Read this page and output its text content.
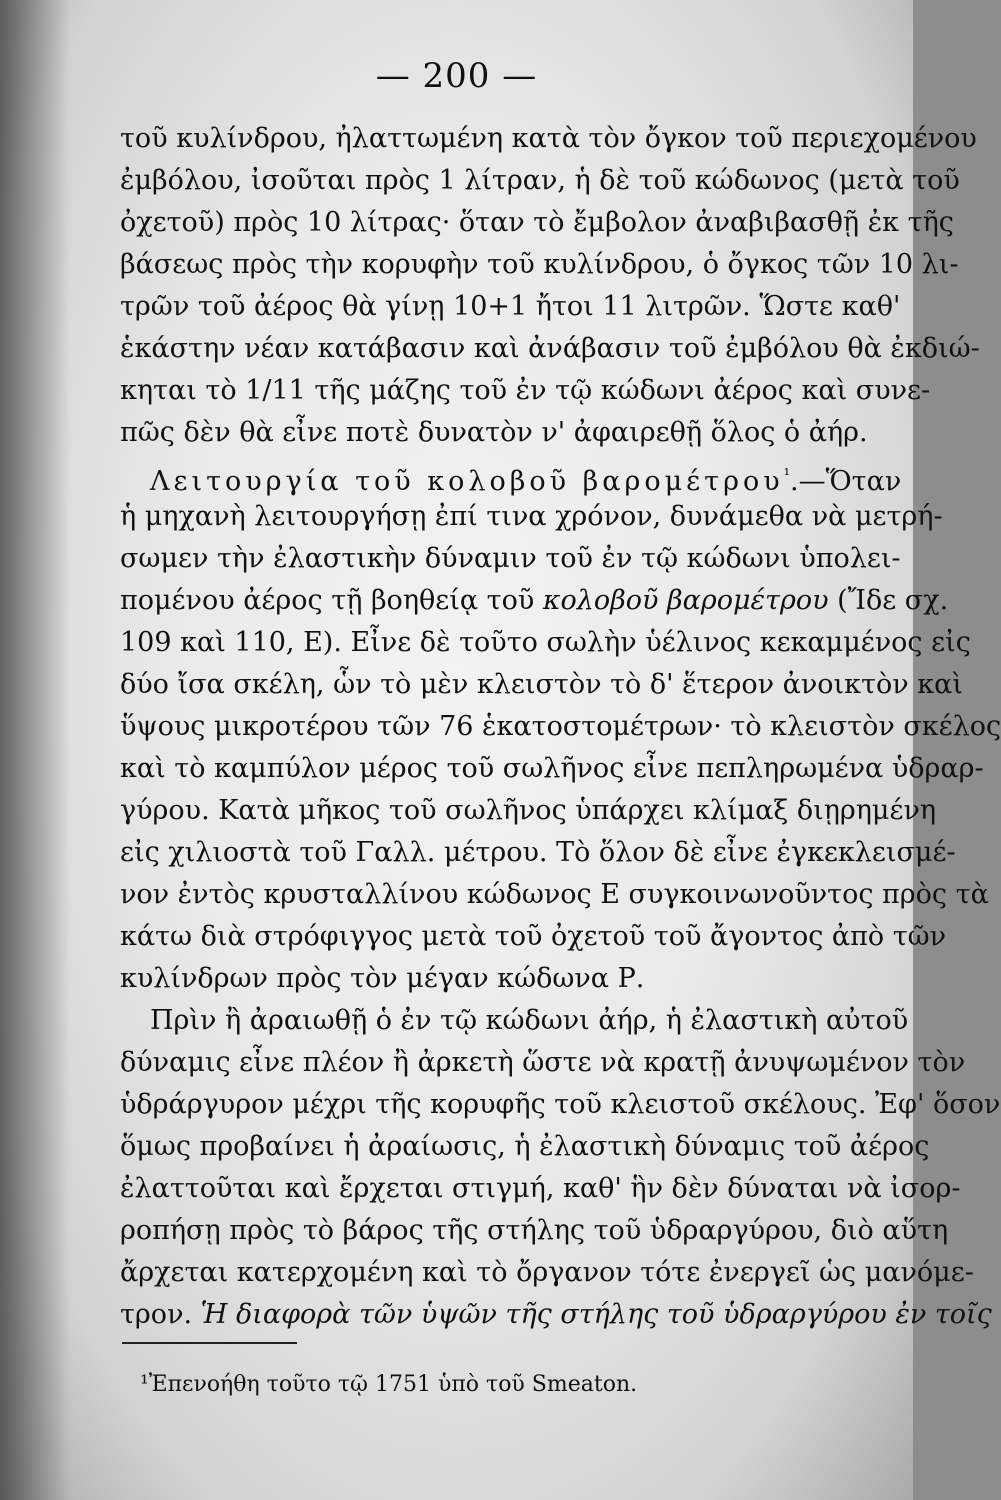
— 200 —
τοῦ κυλίνδρου, ἠλαττωμένη κατὰ τὸν ὄγκον τοῦ περιεχομένου
ἐμβόλου, ἰσοῦται πρὸς 1 λίτραν, ἡ δὲ τοῦ κώδωνος (μετὰ τοῦ
ὀχετοῦ) πρὸς 10 λίτρας· ὅταν τὸ ἔμβολον ἀναβιβασθῇ ἐκ τῆς
βάσεως πρὸς τὴν κορυφὴν τοῦ κυλίνδρου, ὁ ὄγκος τῶν 10 λι-
τρῶν τοῦ ἀέρος θὰ γίνῃ 10+1 ἤτοι 11 λιτρῶν. Ὥστε καθ'
ἑκάστην νέαν κατάβασιν καὶ ἀνάβασιν τοῦ ἐμβόλου θὰ ἐκδιώ-
κηται τὸ 1/11 τῆς μάζης τοῦ ἐν τῷ κώδωνι ἀέρος καὶ συνε-
πῶς δὲν θὰ εἶνε ποτὲ δυνατὸν ν' ἀφαιρεθῇ ὅλος ὁ ἀήρ.
Λειτουργία τοῦ κολοβοῦ βαρομέτρου$^{^1}$.—Ὅταν
ἡ μηχανὴ λειτουργήσῃ ἐπί τινα χρόνον, δυνάμεθα νὰ μετρή-
σωμεν τὴν ἐλαστικὴν δύναμιν τοῦ ἐν τῷ κώδωνι ὑπολει-
πομένου ἀέρος τῇ βοηθείᾳ τοῦ κολοβοῦ βαρομέτρου (Ἴδε σχ.
109 καὶ 110, Ε). Εἶνε δὲ τοῦτο σωλὴν ὑέλινος κεκαμμένος εἰς
δύο ἴσα σκέλη, ὧν τὸ μὲν κλειστὸν τὸ δ' ἕτερον ἀνοικτὸν καὶ
ὕψους μικροτέρου τῶν 76 ἑκατοστομέτρων· τὸ κλειστὸν σκέλος
καὶ τὸ καμπύλον μέρος τοῦ σωλῆνος εἶνε πεπληρωμένα ὑδραρ-
γύρου. Κατὰ μῆκος τοῦ σωλῆνος ὑπάρχει κλίμαξ διῃρημένη
εἰς χιλιοστὰ τοῦ Γαλλ. μέτρου. Τὸ ὅλον δὲ εἶνε ἐγκεκλεισμέ-
νον ἐντὸς κρυσταλλίνου κώδωνος Ε συγκοινωνοῦντος πρὸς τὰ
κάτω διὰ στρόφιγγος μετὰ τοῦ ὀχετοῦ τοῦ ἄγοντος ἀπὸ τῶν
κυλίνδρων πρὸς τὸν μέγαν κώδωνα Ρ.
Πρὶν ἢ ἀραιωθῇ ὁ ἐν τῷ κώδωνι ἀήρ, ἡ ἐλαστικὴ αὐτοῦ
δύναμις εἶνε πλέον ἢ ἀρκετὴ ὥστε νὰ κρατῇ ἀνυψωμένον τὸν
ὑδράργυρον μέχρι τῆς κορυφῆς τοῦ κλειστοῦ σκέλους. Ἐφ' ὅσον
ὅμως προβαίνει ἡ ἀραίωσις, ἡ ἐλαστικὴ δύναμις τοῦ ἀέρος
ἐλαττοῦται καὶ ἔρχεται στιγμή, καθ' ἣν δὲν δύναται νὰ ἰσορ-
ροπήσῃ πρὸς τὸ βάρος τῆς στήλης τοῦ ὑδραργύρου, διὸ αὕτη
ἄρχεται κατερχομένη καὶ τὸ ὄργανον τότε ἐνεργεῖ ὡς μανόμε-
τρον. Ἡ διαφορὰ τῶν ὑψῶν τῆς στήλης τοῦ ὑδραργύρου ἐν τοῖς
¹Ἐπενοήθη τοῦτο τῷ 1751 ὑπὸ τοῦ Smeaton.
